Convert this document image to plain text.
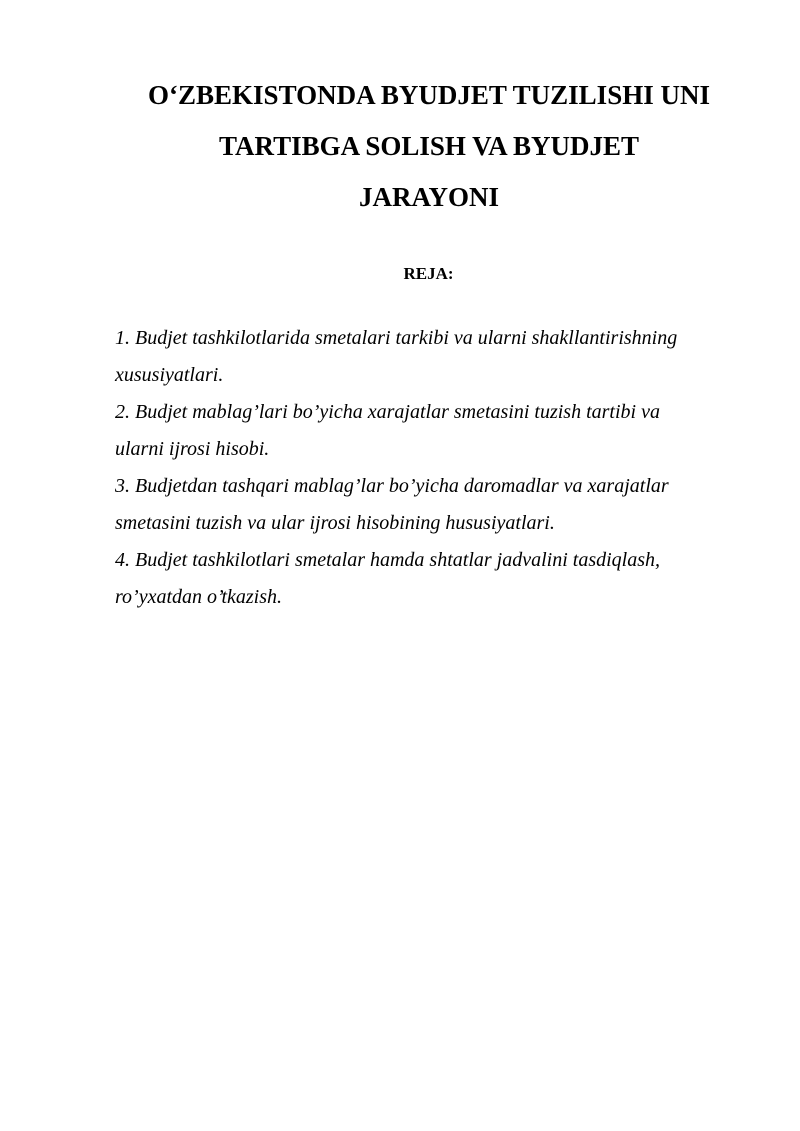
O‘ZBEKISTONDA BYUDJET TUZILISHI UNI
TARTIBGA SOLISH VA BYUDJET
JARAYONI
REJA:
1. Budjet tashkilotlarida smetalari tarkibi va ularni shakllantirishning
xususiyatlari.
2. Budjet mablag’lari bo’yicha xarajatlar smetasini tuzish tartibi va
ularni ijrosi hisobi.
3. Budjetdan tashqari mablag’lar bo’yicha daromadlar va xarajatlar
smetasini tuzish va ular ijrosi hisobining hususiyatlari.
4. Budjet tashkilotlari smetalar hamda shtatlar jadvalini tasdiqlash,
ro’yxatdan o’tkazish.
